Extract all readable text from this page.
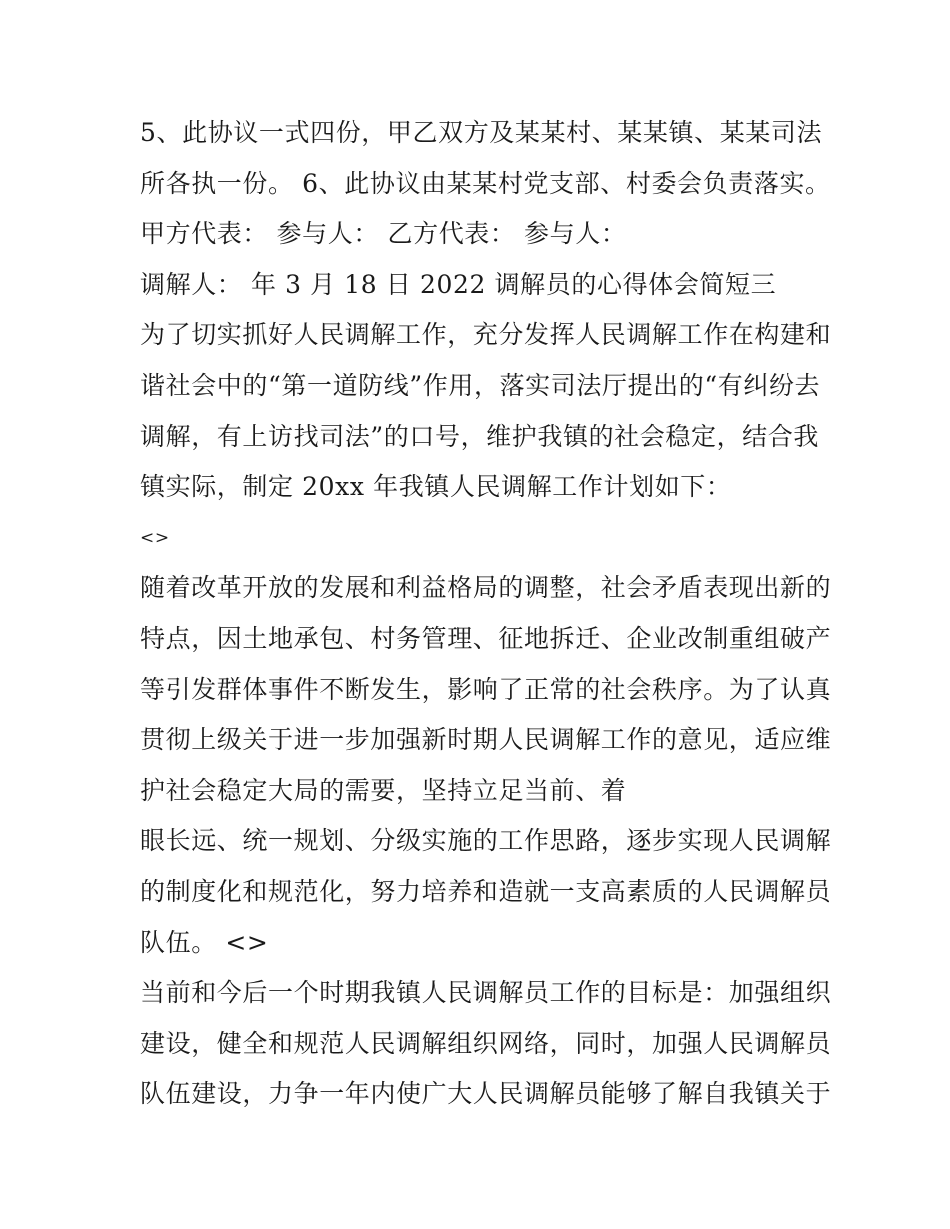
5、此协议一式四份，甲乙双方及某某村、某某镇、某某司法
所各执一份。 6、此协议由某某村党支部、村委会负责落实。
甲方代表： 参与人： 乙方代表： 参与人：
调解人： 年 3 月 18 日 2022 调解员的心得体会简短三
为了切实抓好人民调解工作，充分发挥人民调解工作在构建和
谐社会中的“第一道防线”作用，落实司法厅提出的“有纠纷去
调解，有上访找司法”的口号，维护我镇的社会稳定，结合我
镇实际，制定 20xx 年我镇人民调解工作计划如下：
<>
随着改革开放的发展和利益格局的调整，社会矛盾表现出新的
特点，因土地承包、村务管理、征地拆迁、企业改制重组破产
等引发群体事件不断发生，影响了正常的社会秩序。为了认真
贯彻上级关于进一步加强新时期人民调解工作的意见，适应维
护社会稳定大局的需要，坚持立足当前、着
眼长远、统一规划、分级实施的工作思路，逐步实现人民调解
的制度化和规范化，努力培养和造就一支高素质的人民调解员
队伍。 <>
当前和今后一个时期我镇人民调解员工作的目标是：加强组织
建设，健全和规范人民调解组织网络，同时，加强人民调解员
队伍建设，力争一年内使广大人民调解员能够了解自我镇关于
